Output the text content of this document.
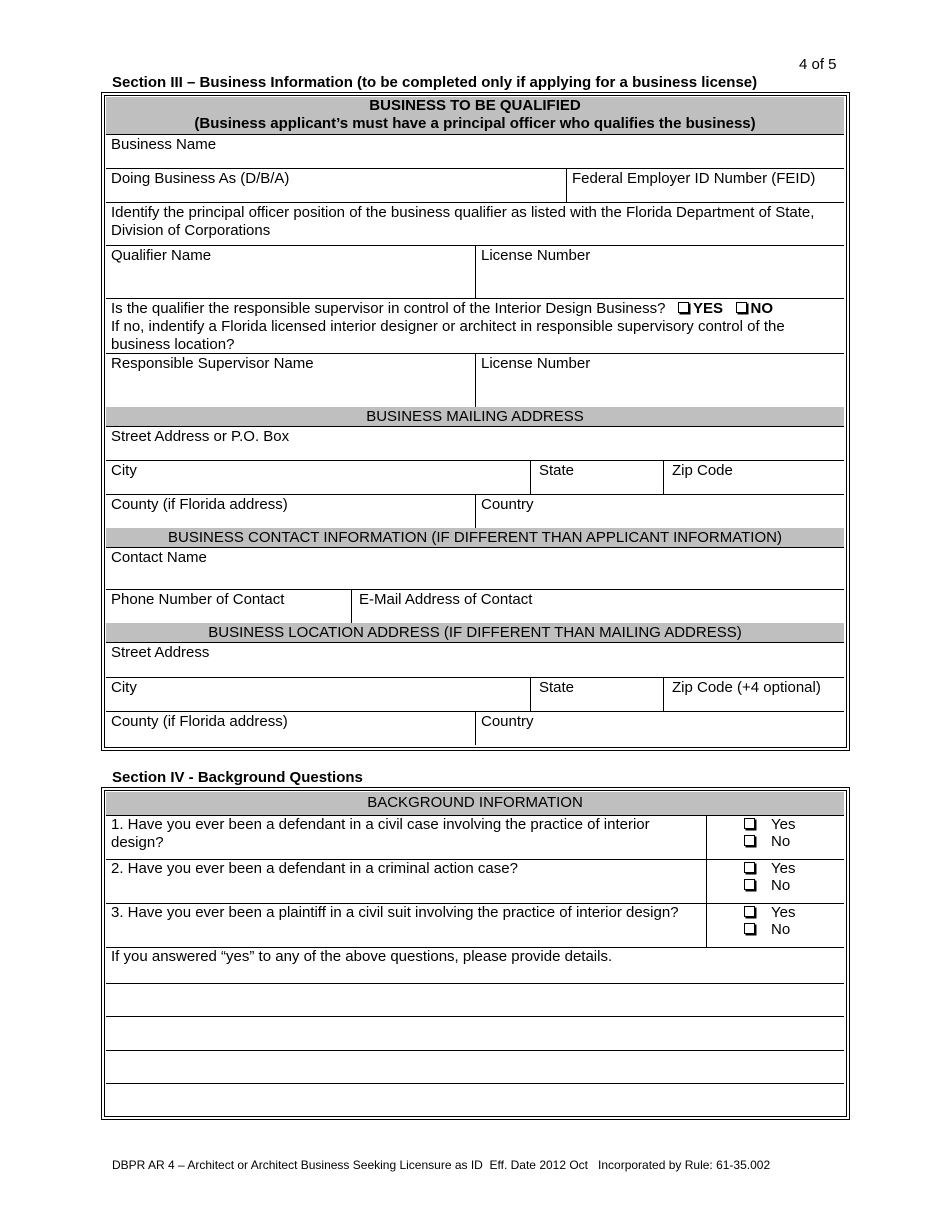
4 of 5
Section III – Business Information (to be completed only if applying for a business license)
BUSINESS TO BE QUALIFIED
(Business applicant’s must have a principal officer who qualifies the business)
Business Name
Doing Business As (D/B/A)	Federal Employer ID Number (FEID)
Identify the principal officer position of the business qualifier as listed with the Florida Department of State, Division of Corporations
Qualifier Name	License Number
Is the qualifier the responsible supervisor in control of the Interior Design Business? YES NO
If no, indentify a Florida licensed interior designer or architect in responsible supervisory control of the business location?
Responsible Supervisor Name	License Number
BUSINESS MAILING ADDRESS
Street Address or P.O. Box
City	State	Zip Code
County (if Florida address)	Country
BUSINESS CONTACT INFORMATION (IF DIFFERENT THAN APPLICANT INFORMATION)
Contact Name
Phone Number of Contact	E-Mail Address of Contact
BUSINESS LOCATION ADDRESS (IF DIFFERENT THAN MAILING ADDRESS)
Street Address
City	State	Zip Code (+4 optional)
County (if Florida address)	Country
Section IV - Background Questions
BACKGROUND INFORMATION
1. Have you ever been a defendant in a civil case involving the practice of interior design?
Yes
No
2. Have you ever been a defendant in a criminal action case?	Yes
No
3. Have you ever been a plaintiff in a civil suit involving the practice of interior design?	Yes
No
If you answered “yes” to any of the above questions, please provide details.
DBPR AR 4 – Architect or Architect Business Seeking Licensure as ID  Eff. Date 2012 Oct   Incorporated by Rule: 61-35.002
